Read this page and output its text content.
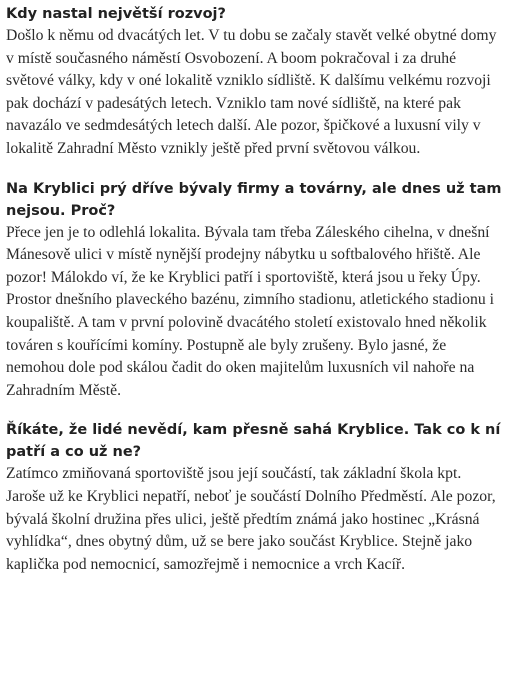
Kdy nastal největší rozvoj?

Došlo k němu od dvacátých let. V tu dobu se začaly stavět velké obytné domy v místě současného náměstí Osvobození. A boom pokračoval i za druhé světové války, kdy v oné lokalitě vzniklo sídliště. K dalšímu velkému rozvoji pak dochází v padesátých letech. Vzniklo tam nové sídliště, na které pak navazálo ve sedmdesátých letech další. Ale pozor, špičkové a luxusní vily v lokalitě Zahradní Město vznikly ještě před první světovou válkou.

Na Kryblici prý dříve bývaly firmy a továrny, ale dnes už tam nejsou. Proč?

Přece jen je to odlehlá lokalita. Bývala tam třeba Záleského cihelna, v dnešní Mánesově ulici v místě nynější prodejny nábytku u softbalového hřiště. Ale pozor! Málokdo ví, že ke Kryblici patří i sportoviště, která jsou u řeky Úpy. Prostor dnešního plaveckého bazénu, zimního stadionu, atletického stadionu i koupaliště. A tam v první polovině dvacátého století existovalo hned několik továren s kouřícími komíny. Postupně ale byly zrušeny. Bylo jasné, že nemohou dole pod skálou čadit do oken majitelům luxusních vil nahoře na Zahradním Městě.

Říkáte, že lidé nevědí, kam přesně sahá Kryblice. Tak co k ní patří a co už ne?

Zatímco zmiňovaná sportoviště jsou její součástí, tak základní škola kpt. Jaroše už ke Kryblici nepatří, neboť je součástí Dolního Předměstí. Ale pozor, bývalá školní družina přes ulici, ještě předtím známá jako hostinec „Krásná vyhlídka“, dnes obytný dům, už se bere jako součást Kryblice. Stejně jako kaplička pod nemocnicí, samozřejmě i nemocnice a vrch Kacíř.
